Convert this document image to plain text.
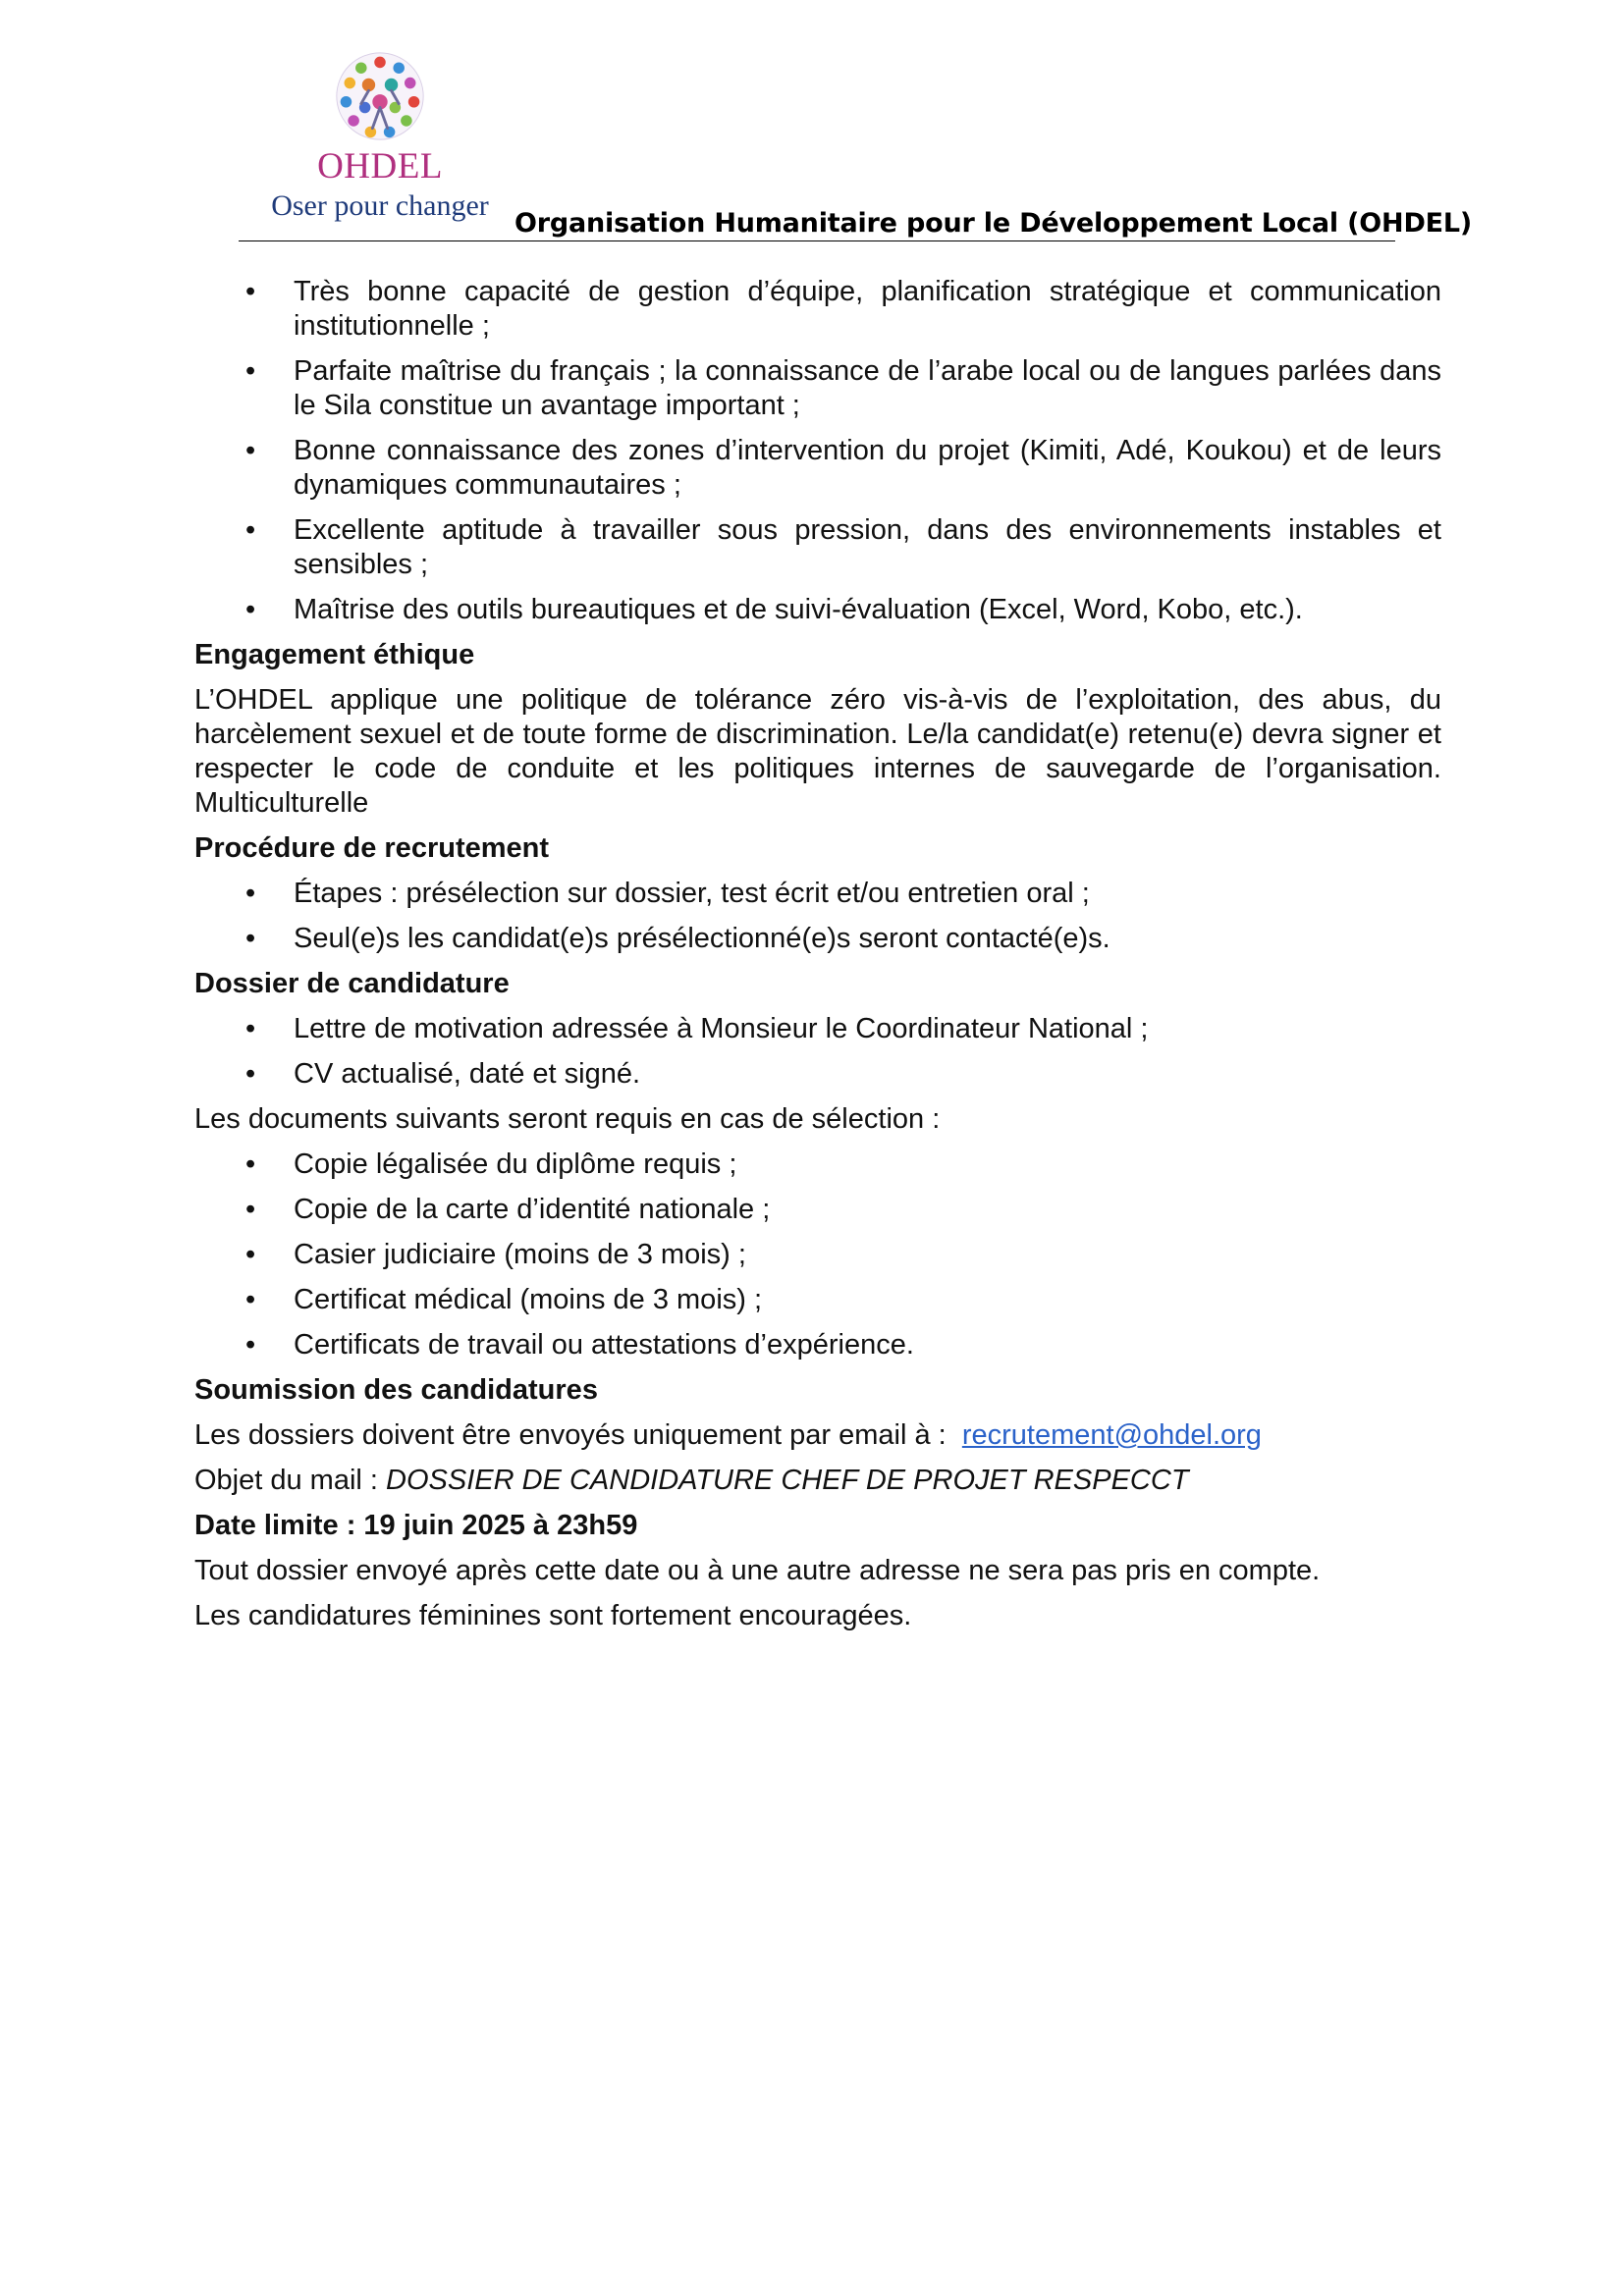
OHDEL
Oser pour changer
Organisation Humanitaire pour le Développement Local (OHDEL)
• Très bonne capacité de gestion d’équipe, planification stratégique et communication institutionnelle ;
• Parfaite maîtrise du français ; la connaissance de l’arabe local ou de langues parlées dans le Sila constitue un avantage important ;
• Bonne connaissance des zones d’intervention du projet (Kimiti, Adé, Koukou) et de leurs dynamiques communautaires ;
• Excellente aptitude à travailler sous pression, dans des environnements instables et sensibles ;
• Maîtrise des outils bureautiques et de suivi-évaluation (Excel, Word, Kobo, etc.).
Engagement éthique
L’OHDEL applique une politique de tolérance zéro vis-à-vis de l’exploitation, des abus, du harcèlement sexuel et de toute forme de discrimination. Le/la candidat(e) retenu(e) devra signer et respecter le code de conduite et les politiques internes de sauvegarde de l’organisation. Multiculturelle
Procédure de recrutement
• Étapes : présélection sur dossier, test écrit et/ou entretien oral ;
• Seul(e)s les candidat(e)s présélectionné(e)s seront contacté(e)s.
Dossier de candidature
• Lettre de motivation adressée à Monsieur le Coordinateur National ;
• CV actualisé, daté et signé.
Les documents suivants seront requis en cas de sélection :
• Copie légalisée du diplôme requis ;
• Copie de la carte d’identité nationale ;
• Casier judiciaire (moins de 3 mois) ;
• Certificat médical (moins de 3 mois) ;
• Certificats de travail ou attestations d’expérience.
Soumission des candidatures
Les dossiers doivent être envoyés uniquement par email à : recrutement@ohdel.org
Objet du mail : DOSSIER DE CANDIDATURE CHEF DE PROJET RESPECCT
Date limite : 19 juin 2025 à 23h59
Tout dossier envoyé après cette date ou à une autre adresse ne sera pas pris en compte.
Les candidatures féminines sont fortement encouragées.
